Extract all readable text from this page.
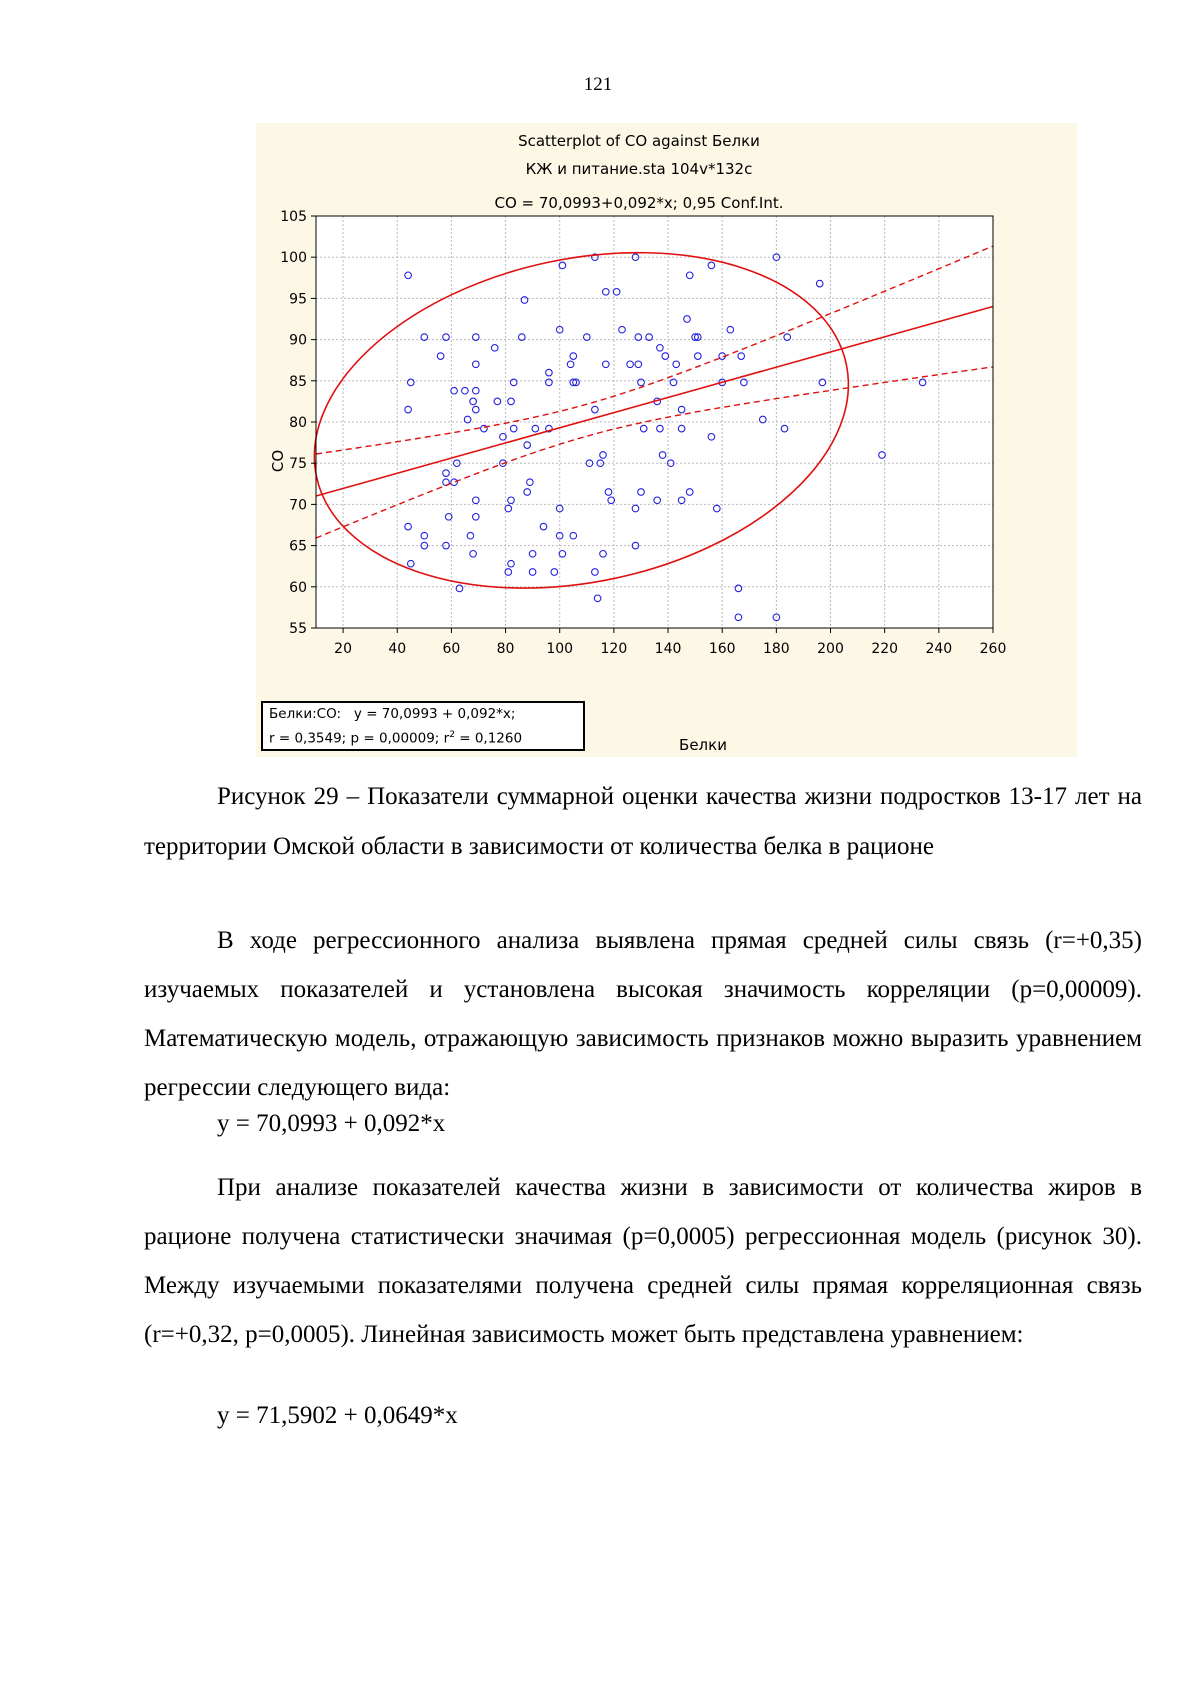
121
Scatterplot of CO against Белки
КЖ и питание.sta 104v*132c
CO = 70,0993+0,092*x; 0,95 Conf.Int.
CO
Белки
55
60
65
70
75
80
85
90
95
100
105
20	40	60	80 100 120 140 160 180 200 220 240 260
Белки:CO:   y = 70,0993 + 0,092*x;
r = 0,3549; p = 0,00009; $r^2 = 0,1260$
Рисунок 29 – Показатели суммарной оценки качества жизни подростков 13-17 лет на территории Омской области в зависимости от количества белка в рационе
В ходе регрессионного анализа выявлена прямая средней силы связь (r=+0,35) изучаемых показателей и установлена высокая значимость корреляции (p=0,00009). Математическую модель, отражающую зависимость признаков можно выразить уравнением регрессии следующего вида:
y = 70,0993 + 0,092*x
При анализе показателей качества жизни в зависимости от количества жиров в рационе получена статистически значимая (p=0,0005) регрессионная модель (рисунок 30). Между изучаемыми показателями получена средней силы прямая корреляционная связь (r=+0,32, p=0,0005). Линейная зависимость может быть представлена уравнением:
y = 71,5902 + 0,0649*x
